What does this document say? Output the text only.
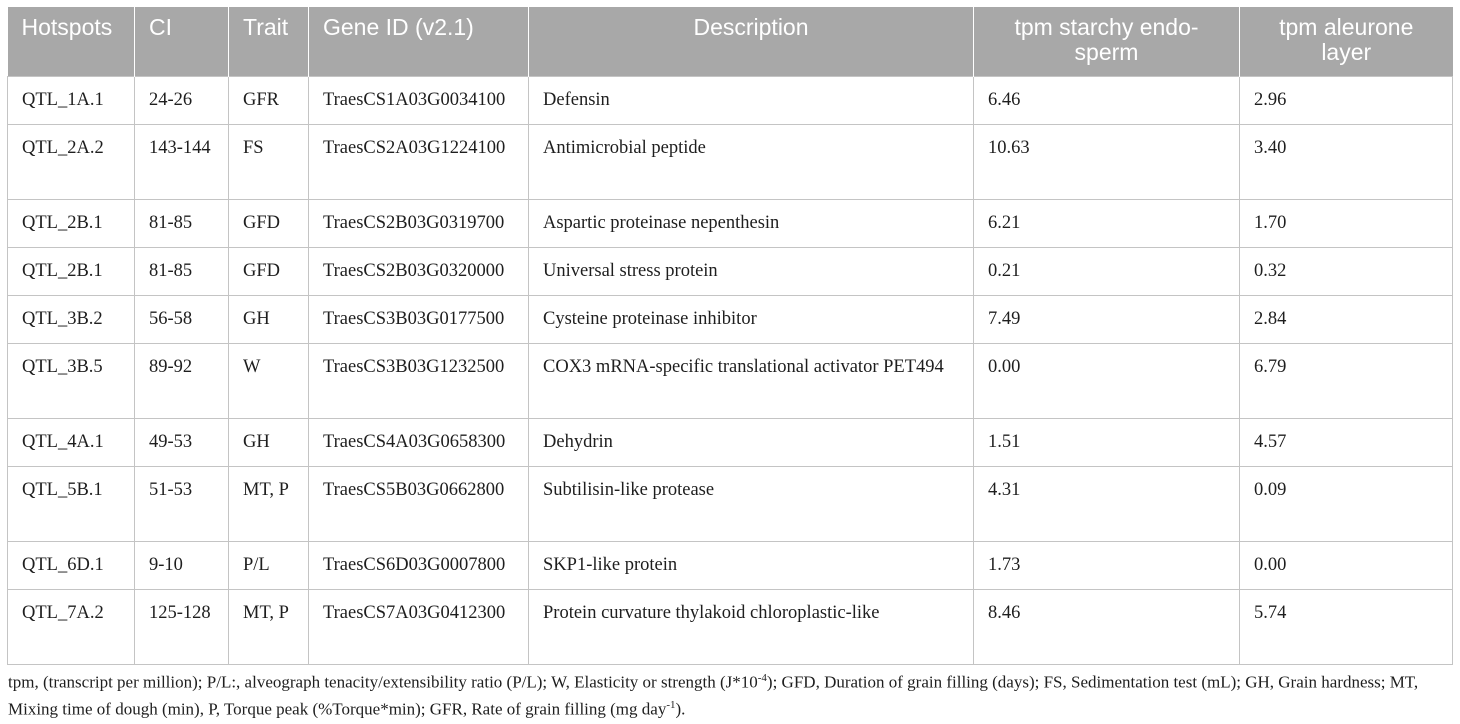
Hotspots	CI	Trait	Gene ID (v2.1)	Description	tpm starchy endo-sperm	tpm aleurone layer
QTL_1A.1	24-26	GFR	TraesCS1A03G0034100	Defensin	6.46	2.96
QTL_2A.2	143-144	FS	TraesCS2A03G1224100	Antimicrobial peptide	10.63	3.40
QTL_2B.1	81-85	GFD	TraesCS2B03G0319700	Aspartic proteinase nepenthesin	6.21	1.70
QTL_2B.1	81-85	GFD	TraesCS2B03G0320000	Universal stress protein	0.21	0.32
QTL_3B.2	56-58	GH	TraesCS3B03G0177500	Cysteine proteinase inhibitor	7.49	2.84
QTL_3B.5	89-92	W	TraesCS3B03G1232500	COX3 mRNA-specific translational activator PET494	0.00	6.79
QTL_4A.1	49-53	GH	TraesCS4A03G0658300	Dehydrin	1.51	4.57
QTL_5B.1	51-53	MT, P	TraesCS5B03G0662800	Subtilisin-like protease	4.31	0.09
QTL_6D.1	9-10	P/L	TraesCS6D03G0007800	SKP1-like protein	1.73	0.00
QTL_7A.2	125-128	MT, P	TraesCS7A03G0412300	Protein curvature thylakoid chloroplastic-like	8.46	5.74
tpm, (transcript per million); P/L:, alveograph tenacity/extensibility ratio (P/L); W, Elasticity or strength $(J*10^{-4})$; GFD, Duration of grain filling (days); FS, Sedimentation test (mL); GH, Grain hardness; MT, Mixing time of dough (min), P, Torque peak (%Torque*min); GFR, Rate of grain filling (mg day$^{-1}$).
